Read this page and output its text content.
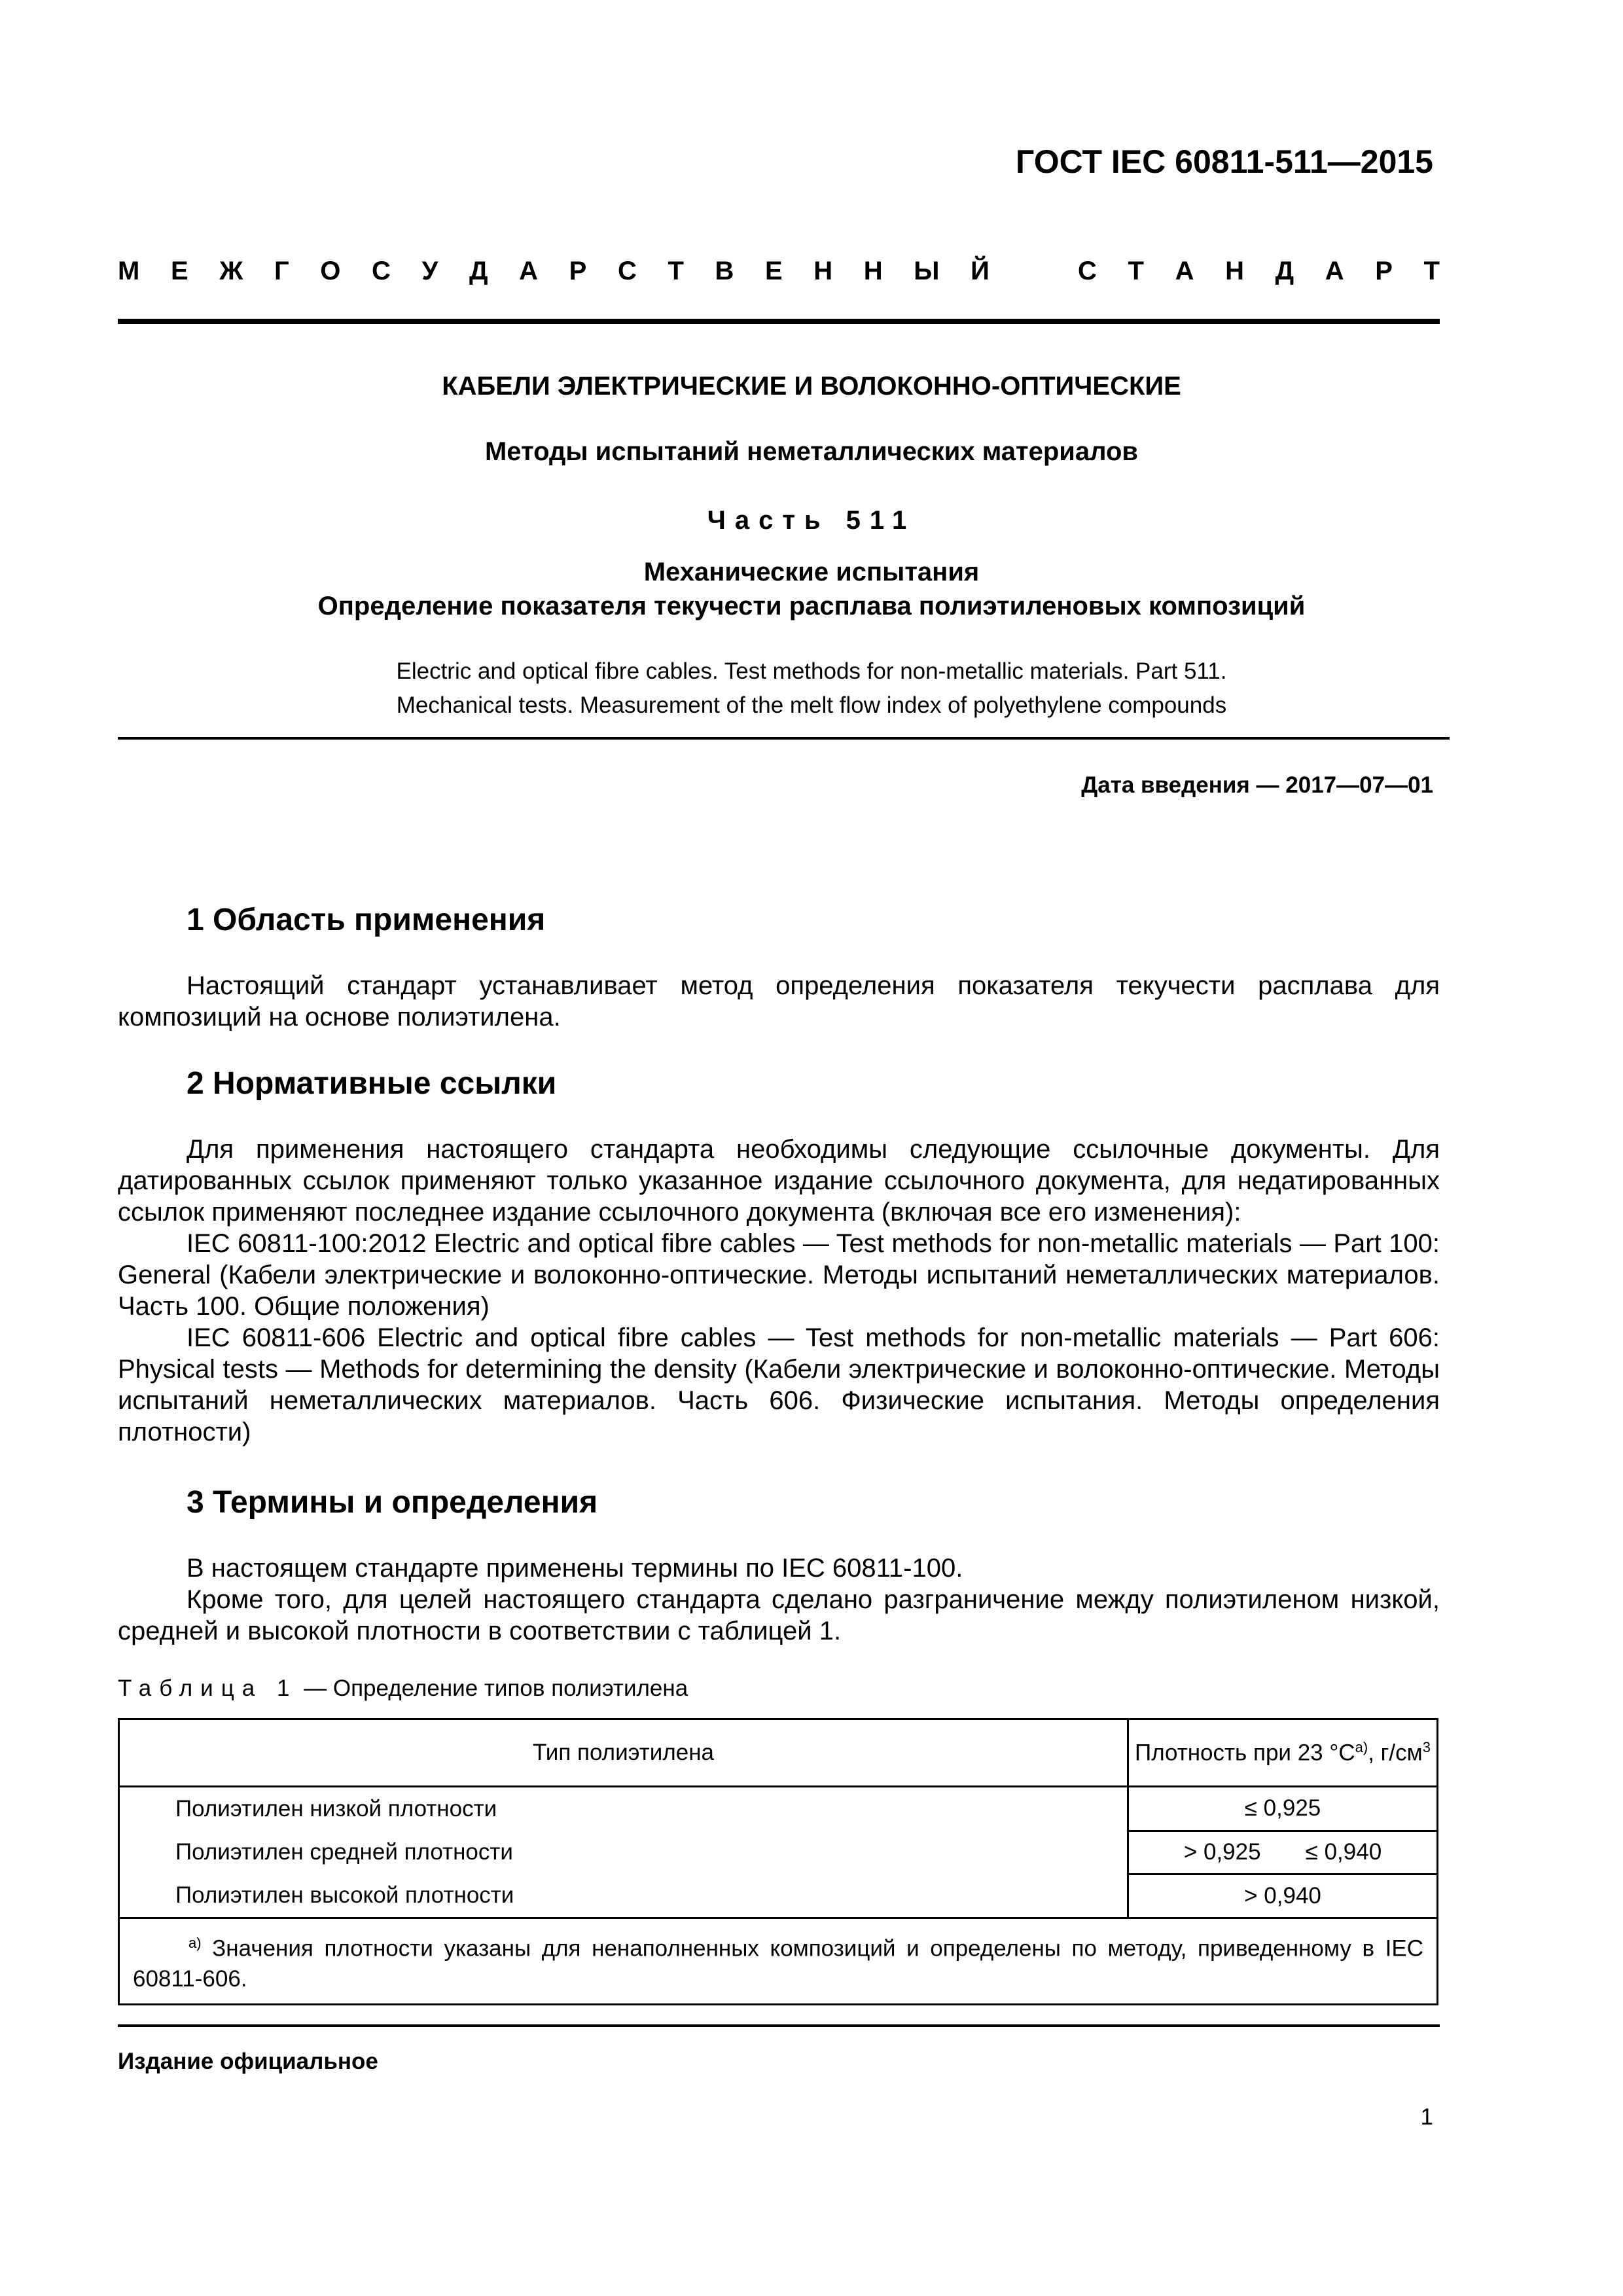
ГОСТ IEC 60811-511—2015
М Е Ж Г О С У Д А Р С Т В Е Н Н Ы Й	С Т А Н Д А Р Т
КАБЕЛИ ЭЛЕКТРИЧЕСКИЕ И ВОЛОКОННО-ОПТИЧЕСКИЕ
Методы испытаний неметаллических материалов
Часть 511
Механические испытания
Определение показателя текучести расплава полиэтиленовых композиций
Electric and optical fibre cables. Test methods for non-metallic materials. Part 511.
Mechanical tests. Measurement of the melt flow index of polyethylene compounds
Дата введения — 2017—07—01
1 Область применения
Настоящий стандарт устанавливает метод определения показателя текучести расплава для композиций на основе полиэтилена.
2 Нормативные ссылки
Для применения настоящего стандарта необходимы следующие ссылочные документы. Для датированных ссылок применяют только указанное издание ссылочного документа, для недатированных ссылок применяют последнее издание ссылочного документа (включая все его изменения):
IEC 60811-100:2012 Electric and optical fibre cables — Test methods for non-metallic materials — Part 100: General (Кабели электрические и волоконно-оптические. Методы испытаний неметаллических материалов. Часть 100. Общие положения)
IEC 60811-606 Electric and optical fibre cables — Test methods for non-metallic materials — Part 606: Physical tests — Methods for determining the density (Кабели электрические и волоконно-оптические. Методы испытаний неметаллических материалов. Часть 606. Физические испытания. Методы определения плотности)
3 Термины и определения
В настоящем стандарте применены термины по IEC 60811-100.
Кроме того, для целей настоящего стандарта сделано разграничение между полиэтиленом низкой, средней и высокой плотности в соответствии с таблицей 1.
Таблица 1 — Определение типов полиэтилена
Тип полиэтилена	Плотность при 23 $^\circ С^{a)}$, $г/см^3$
Полиэтилен низкой плотности	≤ 0,925
Полиэтилен средней плотности	> 0,925       ≤ 0,940
Полиэтилен высокой плотности	> 0,940
$^{a)}$ Значения плотности указаны для ненаполненных композиций и определены по методу, приведенному в IEC 60811-606.	
Издание официальное
1
